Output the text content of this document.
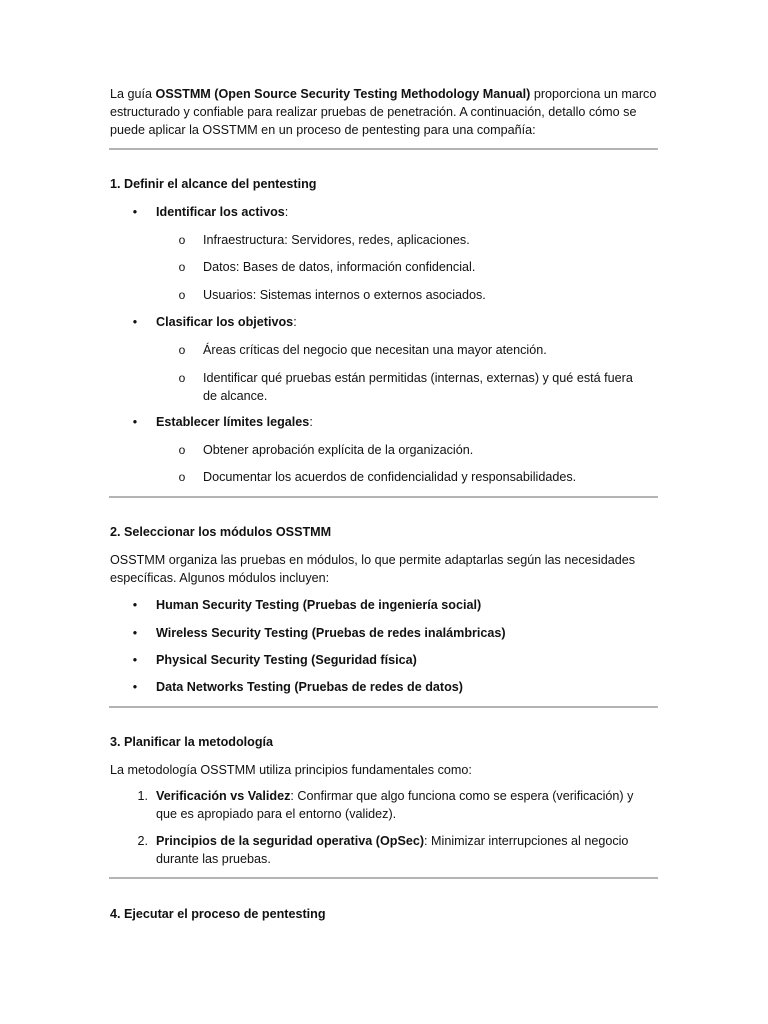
La guía OSSTMM (Open Source Security Testing Methodology Manual) proporciona un marco

estructurado y confiable para realizar pruebas de penetración. A continuación, detallo cómo se

puede aplicar la OSSTMM en un proceso de pentesting para una compañía:

1. Definir el alcance del pentesting

• Identificar los activos:

o Infraestructura: Servidores, redes, aplicaciones.

o Datos: Bases de datos, información confidencial.

o Usuarios: Sistemas internos o externos asociados.

• Clasificar los objetivos:

o Áreas críticas del negocio que necesitan una mayor atención.

o Identificar qué pruebas están permitidas (internas, externas) y qué está fuera

de alcance.

• Establecer límites legales:

o Obtener aprobación explícita de la organización.

o Documentar los acuerdos de confidencialidad y responsabilidades.

2. Seleccionar los módulos OSSTMM

OSSTMM organiza las pruebas en módulos, lo que permite adaptarlas según las necesidades

específicas. Algunos módulos incluyen:

• Human Security Testing (Pruebas de ingeniería social)

• Wireless Security Testing (Pruebas de redes inalámbricas)

• Physical Security Testing (Seguridad física)

• Data Networks Testing (Pruebas de redes de datos)

3. Planificar la metodología

La metodología OSSTMM utiliza principios fundamentales como:

1. Verificación vs Validez: Confirmar que algo funciona como se espera (verificación) y

que es apropiado para el entorno (validez).

2. Principios de la seguridad operativa (OpSec): Minimizar interrupciones al negocio

durante las pruebas.

4. Ejecutar el proceso de pentesting
